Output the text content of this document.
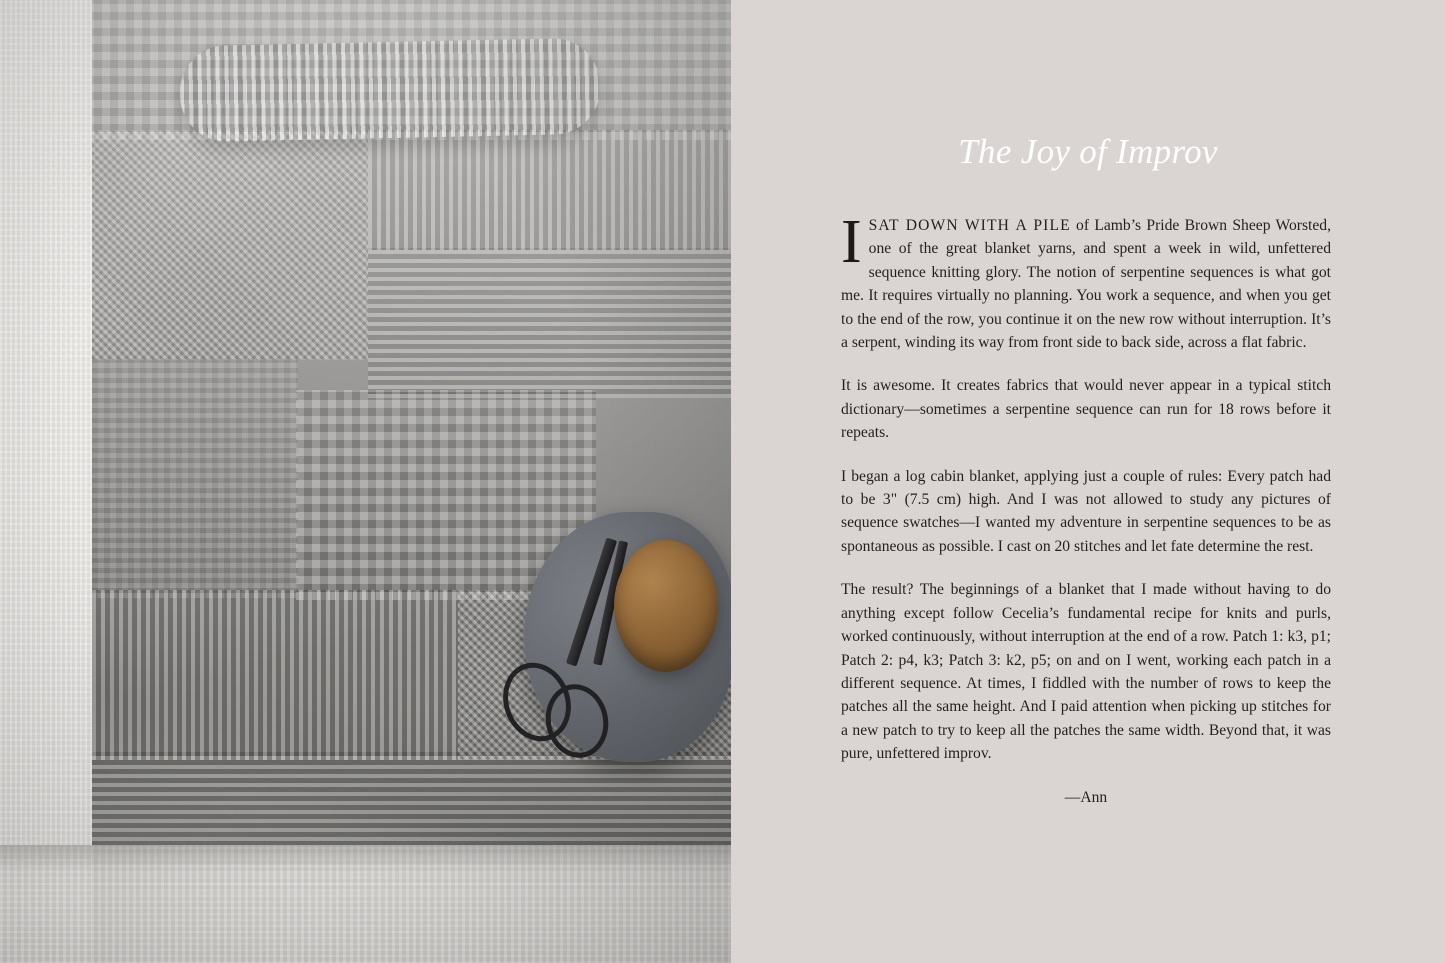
The Joy of Improv

ISAT DOWN WITH A PILE of Lamb’s Pride Brown Sheep Worsted, one of the great blanket yarns, and spent a week in wild, unfettered sequence knitting glory. The notion of serpentine sequences is what got me. It requires virtually no planning. You work a sequence, and when you get to the end of the row, you continue it on the new row without interruption. It’s a serpent, winding its way from front side to back side, across a flat fabric.

It is awesome. It creates fabrics that would never appear in a typical stitch dictionary—sometimes a serpentine sequence can run for 18 rows before it repeats.

I began a log cabin blanket, applying just a couple of rules: Every patch had to be 3" (7.5 cm) high. And I was not allowed to study any pictures of sequence swatches—I wanted my adventure in serpentine sequences to be as spontaneous as possible. I cast on 20 stitches and let fate determine the rest.

The result? The beginnings of a blanket that I made without having to do anything except follow Cecelia’s fundamental recipe for knits and purls, worked continuously, without interruption at the end of a row. Patch 1: k3, p1; Patch 2: p4, k3; Patch 3: k2, p5; on and on I went, working each patch in a different sequence. At times, I fiddled with the number of rows to keep the patches all the same height. And I paid attention when picking up stitches for a new patch to try to keep all the patches the same width. Beyond that, it was pure, unfettered improv.

—Ann
